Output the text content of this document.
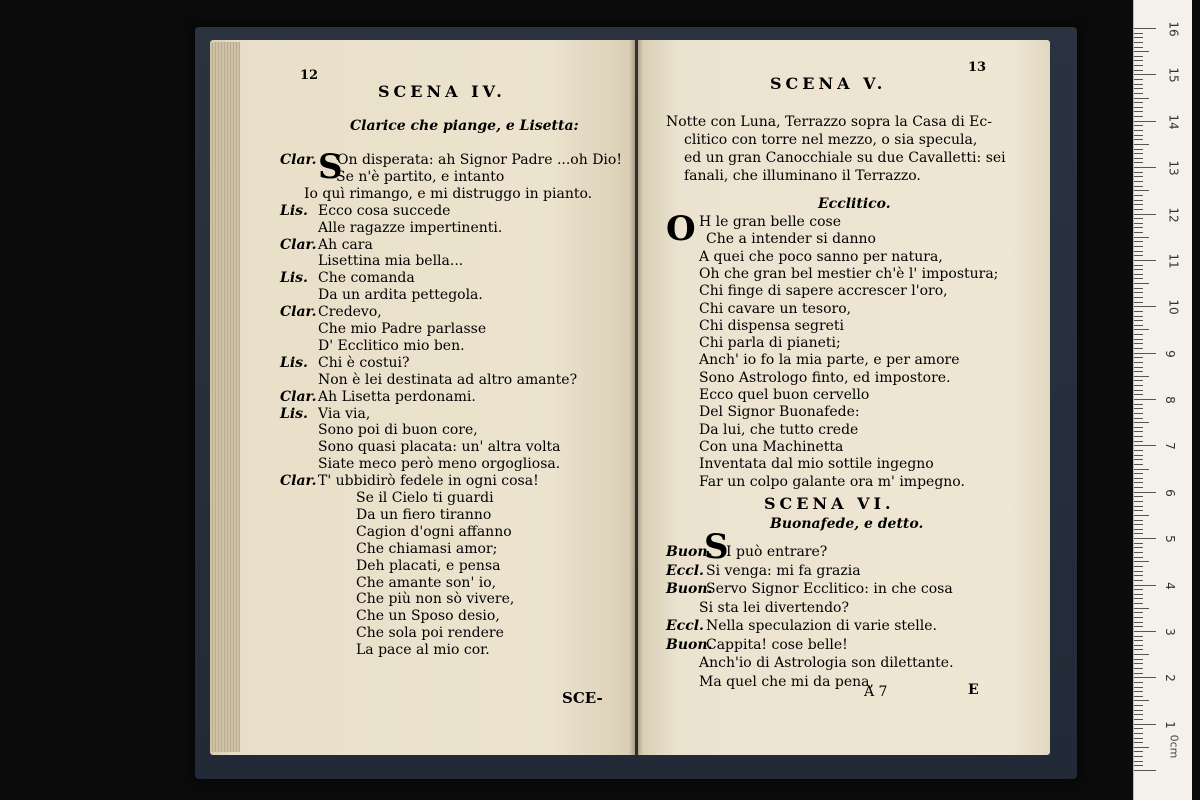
12
SCENA IV.
Clarice che piange, e Lisetta:
Clar. S
On disperata: ah Signor Padre ...oh Dio!
Se n'è partito, e intanto
Io quì rimango, e mi distruggo in pianto.
Lis. Ecco cosa succede
Alle ragazze impertinenti.
Clar. Ah cara
Lisettina mia bella...
Lis. Che comanda
Da un ardita pettegola.
Clar. Credevo,
Che mio Padre parlasse
D' Ecclitico mio ben.
Lis. Chi è costui?
Non è lei destinata ad altro amante?
Clar. Ah Lisetta perdonami.
Lis. Via via,
Sono poi di buon core,
Sono quasi placata: un' altra volta
Siate meco però meno orgogliosa.
Clar. T' ubbidirò fedele in ogni cosa!
Se il Cielo ti guardi
Da un fiero tiranno
Cagion d'ogni affanno
Che chiamasi amor;
Deh placati, e pensa
Che amante son' io,
Che più non sò vivere,
Che un Sposo desio,
Che sola poi rendere
La pace al mio cor.
SCE-
13
SCENA V.
Notte con Luna, Terrazzo sopra la Casa di Ec-
clitico con torre nel mezzo, o sia specula,
ed un gran Canocchiale su due Cavalletti: sei
fanali, che illuminano il Terrazzo.
Ecclitico.
O H le gran belle cose
Che a intender si danno
A quei che poco sanno per natura,
Oh che gran bel mestier ch'è l' impostura;
Chi finge di sapere accrescer l'oro,
Chi cavare un tesoro,
Chi dispensa segreti
Chi parla di pianeti;
Anch' io fo la mia parte, e per amore
Sono Astrologo finto, ed impostore.
Ecco quel buon cervello
Del Signor Buonafede:
Da lui, che tutto crede
Con una Machinetta
Inventata dal mio sottile ingegno
Far un colpo galante ora m' impegno.
SCENA VI.
Buonafede, e detto.
Buon.
S
I può entrare?
Eccl. Si venga: mi fa grazia
Buon.
Servo Signor Ecclitico: in che cosa
Si sta lei divertendo?
Eccl. Nella speculazion di varie stelle.
Buon.
Cappita! cose belle!
Anch'io di Astrologia son dilettante.
Ma quel che mi da pena,
A 7	E
16
15
14
13
12
11
10
9
8
7
6
5
4
3
2
1
0cm
